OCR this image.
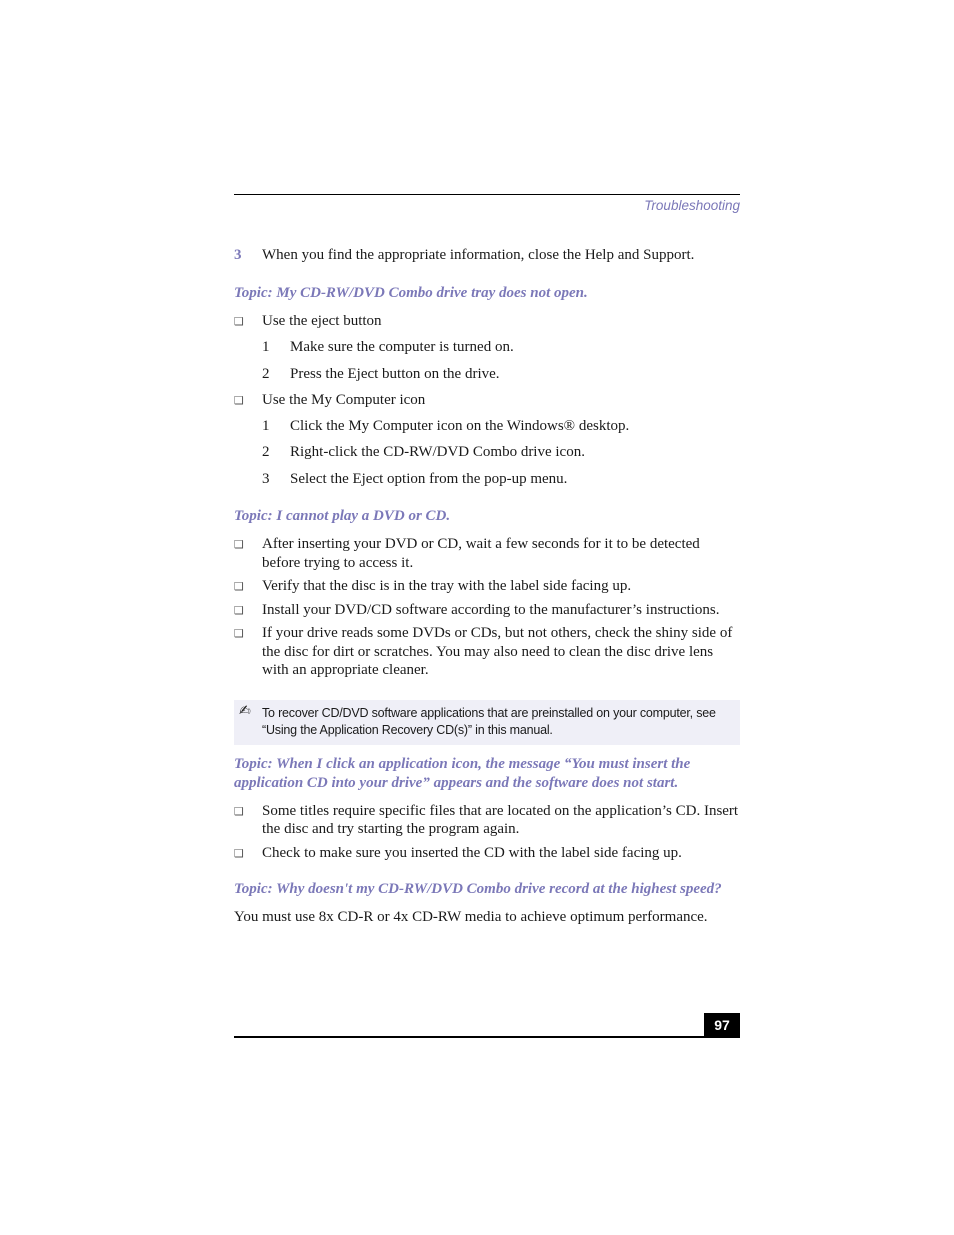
Troubleshooting
3 When you find the appropriate information, close the Help and Support.
Topic: My CD-RW/DVD Combo drive tray does not open.
❑ Use the eject button
1 Make sure the computer is turned on.
2 Press the Eject button on the drive.
❑ Use the My Computer icon
1 Click the My Computer icon on the Windows® desktop.
2 Right-click the CD-RW/DVD Combo drive icon.
3 Select the Eject option from the pop-up menu.
Topic: I cannot play a DVD or CD.
❑ After inserting your DVD or CD, wait a few seconds for it to be detected before trying to access it.
❑ Verify that the disc is in the tray with the label side facing up.
❑ Install your DVD/CD software according to the manufacturer’s instructions.
❑ If your drive reads some DVDs or CDs, but not others, check the shiny side of the disc for dirt or scratches. You may also need to clean the disc drive lens with an appropriate cleaner.
✍ To recover CD/DVD software applications that are preinstalled on your computer, see “Using the Application Recovery CD(s)” in this manual.
Topic: When I click an application icon, the message “You must insert the application CD into your drive” appears and the software does not start.
❑ Some titles require specific files that are located on the application’s CD. Insert the disc and try starting the program again.
❑ Check to make sure you inserted the CD with the label side facing up.
Topic: Why doesn't my CD-RW/DVD Combo drive record at the highest speed?
You must use 8x CD-R or 4x CD-RW media to achieve optimum performance.
97
